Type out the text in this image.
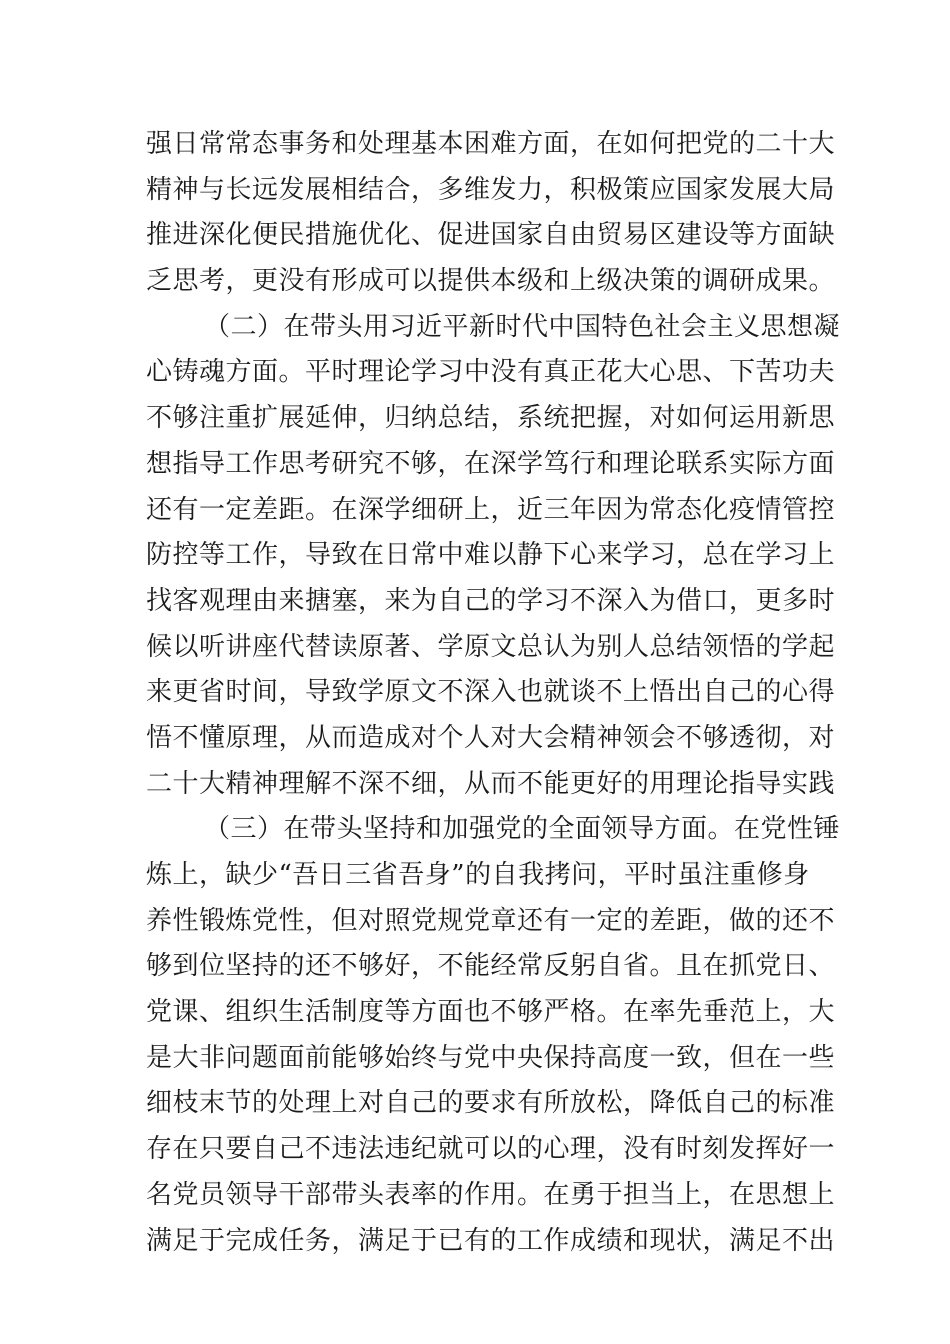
强日常常态事务和处理基本困难方面，在如何把党的二十大
精神与长远发展相结合，多维发力，积极策应国家发展大局
推进深化便民措施优化、促进国家自由贸易区建设等方面缺
乏思考，更没有形成可以提供本级和上级决策的调研成果。
（二）在带头用习近平新时代中国特色社会主义思想凝
心铸魂方面。平时理论学习中没有真正花大心思、下苦功夫
不够注重扩展延伸，归纳总结，系统把握，对如何运用新思
想指导工作思考研究不够，在深学笃行和理论联系实际方面
还有一定差距。在深学细研上，近三年因为常态化疫情管控
防控等工作，导致在日常中难以静下心来学习，总在学习上
找客观理由来搪塞，来为自己的学习不深入为借口，更多时
候以听讲座代替读原著、学原文总认为别人总结领悟的学起
来更省时间，导致学原文不深入也就谈不上悟出自己的心得
悟不懂原理，从而造成对个人对大会精神领会不够透彻，对
二十大精神理解不深不细，从而不能更好的用理论指导实践
（三）在带头坚持和加强党的全面领导方面。在党性锤
炼上，缺少“吾日三省吾身”的自我拷问，平时虽注重修身
养性锻炼党性，但对照党规党章还有一定的差距，做的还不
够到位坚持的还不够好，不能经常反躬自省。且在抓党日、
党课、组织生活制度等方面也不够严格。在率先垂范上，大
是大非问题面前能够始终与党中央保持高度一致，但在一些
细枝末节的处理上对自己的要求有所放松，降低自己的标准
存在只要自己不违法违纪就可以的心理，没有时刻发挥好一
名党员领导干部带头表率的作用。在勇于担当上，在思想上
满足于完成任务，满足于已有的工作成绩和现状，满足不出
